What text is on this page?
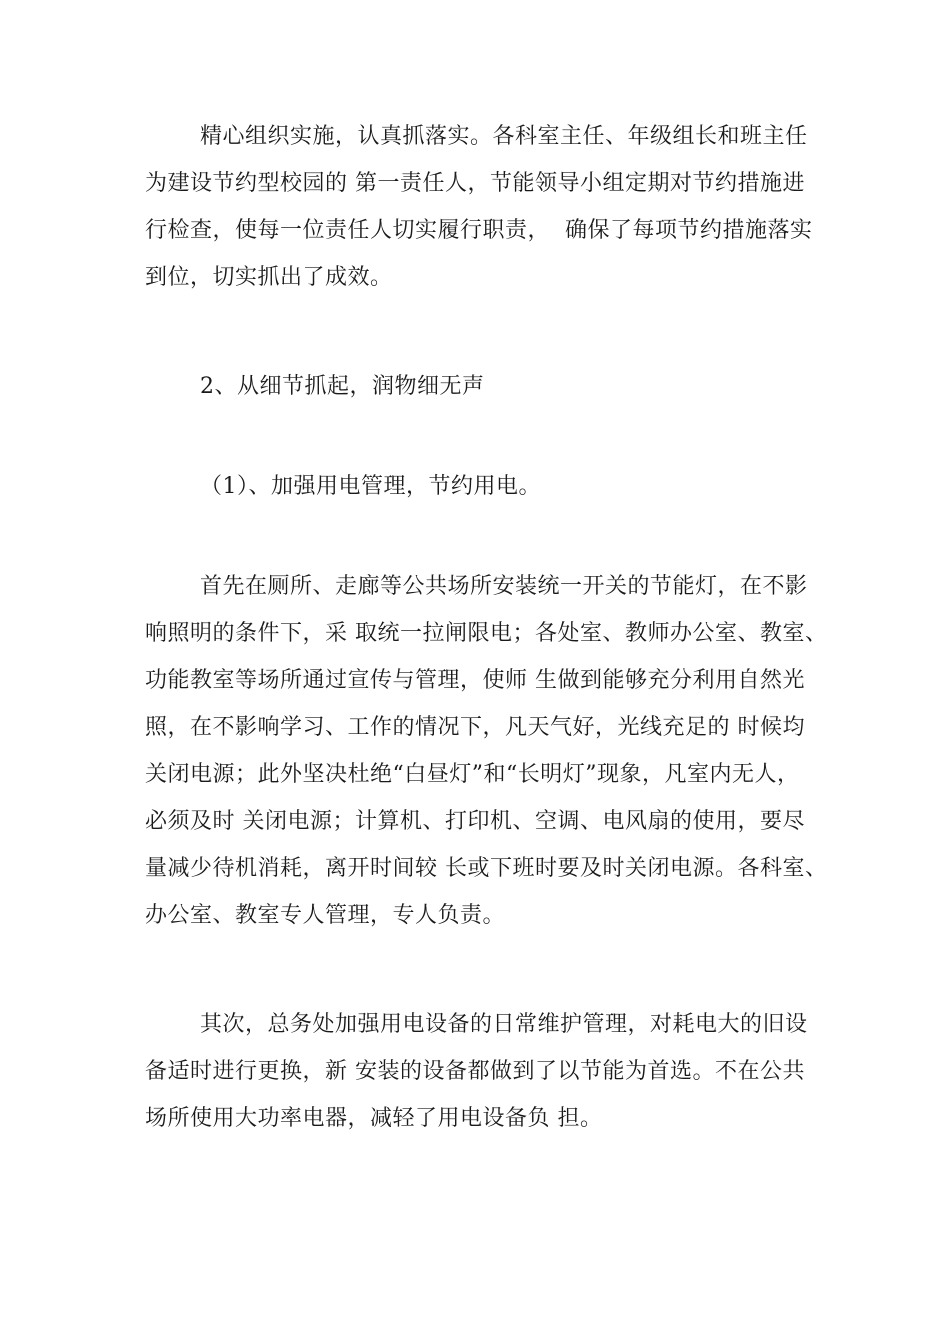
精心组织实施，认真抓落实。各科室主任、年级组长和班主任
为建设节约型校园的 第一责任人，节能领导小组定期对节约措施进
行检查，使每一位责任人切实履行职责，  确保了每项节约措施落实
到位，切实抓出了成效。
2、从细节抓起，润物细无声
（1）、加强用电管理，节约用电。
首先在厕所、走廊等公共场所安装统一开关的节能灯，在不影
响照明的条件下，采 取统一拉闸限电；各处室、教师办公室、教室、
功能教室等场所通过宣传与管理，使师 生做到能够充分利用自然光
照，在不影响学习、工作的情况下，凡天气好，光线充足的 时候均
关闭电源；此外坚决杜绝“白昼灯”和“长明灯”现象，凡室内无人，
必须及时 关闭电源；计算机、打印机、空调、电风扇的使用，要尽
量减少待机消耗，离开时间较 长或下班时要及时关闭电源。各科室、
办公室、教室专人管理，专人负责。
其次，总务处加强用电设备的日常维护管理，对耗电大的旧设
备适时进行更换，新 安装的设备都做到了以节能为首选。不在公共
场所使用大功率电器，减轻了用电设备负 担。
